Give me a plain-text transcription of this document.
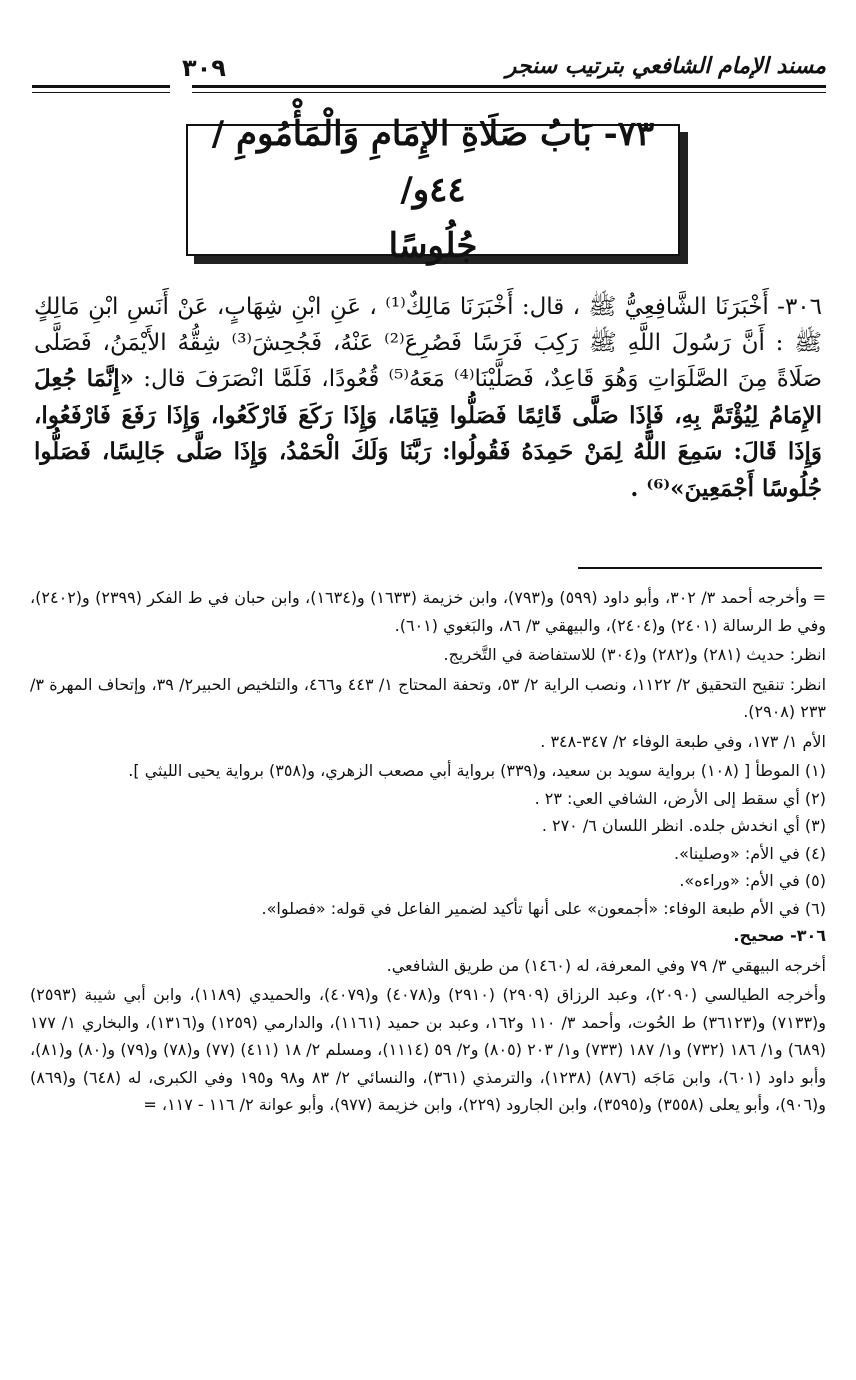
مسند الإمام الشافعي بترتيب سنجر
٣٠٩
٧٣- بَابُ صَلَاةِ الإِمَامِ وَالْمَأْمُومِ /٤٤و/
جُلُوسًا

٣٠٦- أَخْبَرَنَا الشَّافِعِيُّ ﷺ ، قال: أَخْبَرَنَا مَالِكٌ⁽¹⁾ ، عَنِ ابْنِ شِهَابٍ، عَنْ أَنَسِ ابْنِ مَالِكٍ ﷺ : أَنَّ رَسُولَ اللَّهِ ﷺ رَكِبَ فَرَسًا فَصُرِعَ⁽²⁾ عَنْهُ، فَجُحِشَ⁽³⁾ شِقُّهُ الأَيْمَنُ، فَصَلَّى صَلَاةً مِنَ الصَّلَوَاتِ وَهُوَ قَاعِدٌ، فَصَلَّيْنَا⁽⁴⁾ مَعَهُ⁽⁵⁾ قُعُودًا، فَلَمَّا انْصَرَفَ قال: «إِنَّمَا جُعِلَ الإِمَامُ لِيُؤْتَمَّ بِهِ، فَإِذَا صَلَّى قَائِمًا فَصَلُّوا قِيَامًا، وَإِذَا رَكَعَ فَارْكَعُوا، وَإِذَا رَفَعَ فَارْفَعُوا، وَإِذَا قَالَ: سَمِعَ اللَّهُ لِمَنْ حَمِدَهُ فَقُولُوا: رَبَّنَا وَلَكَ الْحَمْدُ، وَإِذَا صَلَّى جَالِسًا، فَصَلُّوا جُلُوسًا أَجْمَعِينَ»⁽⁶⁾ .

= وأخرجه أحمد ٣/ ٣٠٢، وأبو داود (٥٩٩) و(٧٩٣)، وابن خزيمة (١٦٣٣) و(١٦٣٤)، وابن حبان في ط الفكر (٢٣٩٩) و(٢٤٠٢)، وفي ط الرسالة (٢٤٠١) و(٢٤٠٤)، والبيهقي ٣/ ٨٦، والبَغوي (٦٠١).

انظر: حديث (٢٨١) و(٢٨٢) و(٣٠٤) للاستفاضة في التَّخريج.

انظر: تنقيح التحقيق ٢/ ١١٢٢، ونصب الراية ٢/ ٥٣، وتحفة المحتاج ١/ ٤٤٣ و٤٦٦، والتلخيص الحبير٢/ ٣٩، وإتحاف المهرة ٣/ ٢٣٣ (٢٩٠٨).

الأم ١/ ١٧٣، وفي طبعة الوفاء ٢/ ٣٤٧-٣٤٨ .

(١) الموطأ [ (١٠٨) برواية سويد بن سعيد، و(٣٣٩) برواية أبي مصعب الزهري، و(٣٥٨) برواية يحيى الليثي ].

(٢) أي سقط إلى الأرض، الشافي العي: ٢٣ .

(٣) أي انخدش جلده. انظر اللسان ٦/ ٢٧٠ .

(٤) في الأم: «وصلينا».

(٥) في الأم: «وراءه».

(٦) في الأم طبعة الوفاء: «أجمعون» على أنها تأكيد لضمير الفاعل في قوله: «فصلوا».

٣٠٦- صحيح.

أخرجه البيهقي ٣/ ٧٩ وفي المعرفة، له (١٤٦٠) من طريق الشافعي.

وأخرجه الطيالسي (٢٠٩٠)، وعبد الرزاق (٢٩٠٩) (٢٩١٠) و(٤٠٧٨) و(٤٠٧٩)، والحميدي (١١٨٩)، وابن أبي شيبة (٢٥٩٣) و(٧١٣٣) و(٣٦١٢٣) ط الحُوت، وأحمد ٣/ ١١٠ و١٦٢، وعبد بن حميد (١١٦١)، والدارمي (١٢٥٩) و(١٣١٦)، والبخاري ١/ ١٧٧ (٦٨٩) و١/ ١٨٦ (٧٣٢) و١/ ١٨٧ (٧٣٣) و١/ ٢٠٣ (٨٠٥) و٢/ ٥٩ (١١١٤)، ومسلم ٢/ ١٨ (٤١١) (٧٧) و(٧٨) و(٧٩) و(٨٠) و(٨١)، وأبو داود (٦٠١)، وابن مَاجَه (٨٧٦) (١٢٣٨)، والترمذي (٣٦١)، والنسائي ٢/ ٨٣ و٩٨ و١٩٥ وفي الكبرى، له (٦٤٨) و(٨٦٩) و(٩٠٦)، وأبو يعلى (٣٥٥٨) و(٣٥٩٥)، وابن الجارود (٢٢٩)، وابن خزيمة (٩٧٧)، وأبو عوانة ٢/ ١١٦ - ١١٧، =
